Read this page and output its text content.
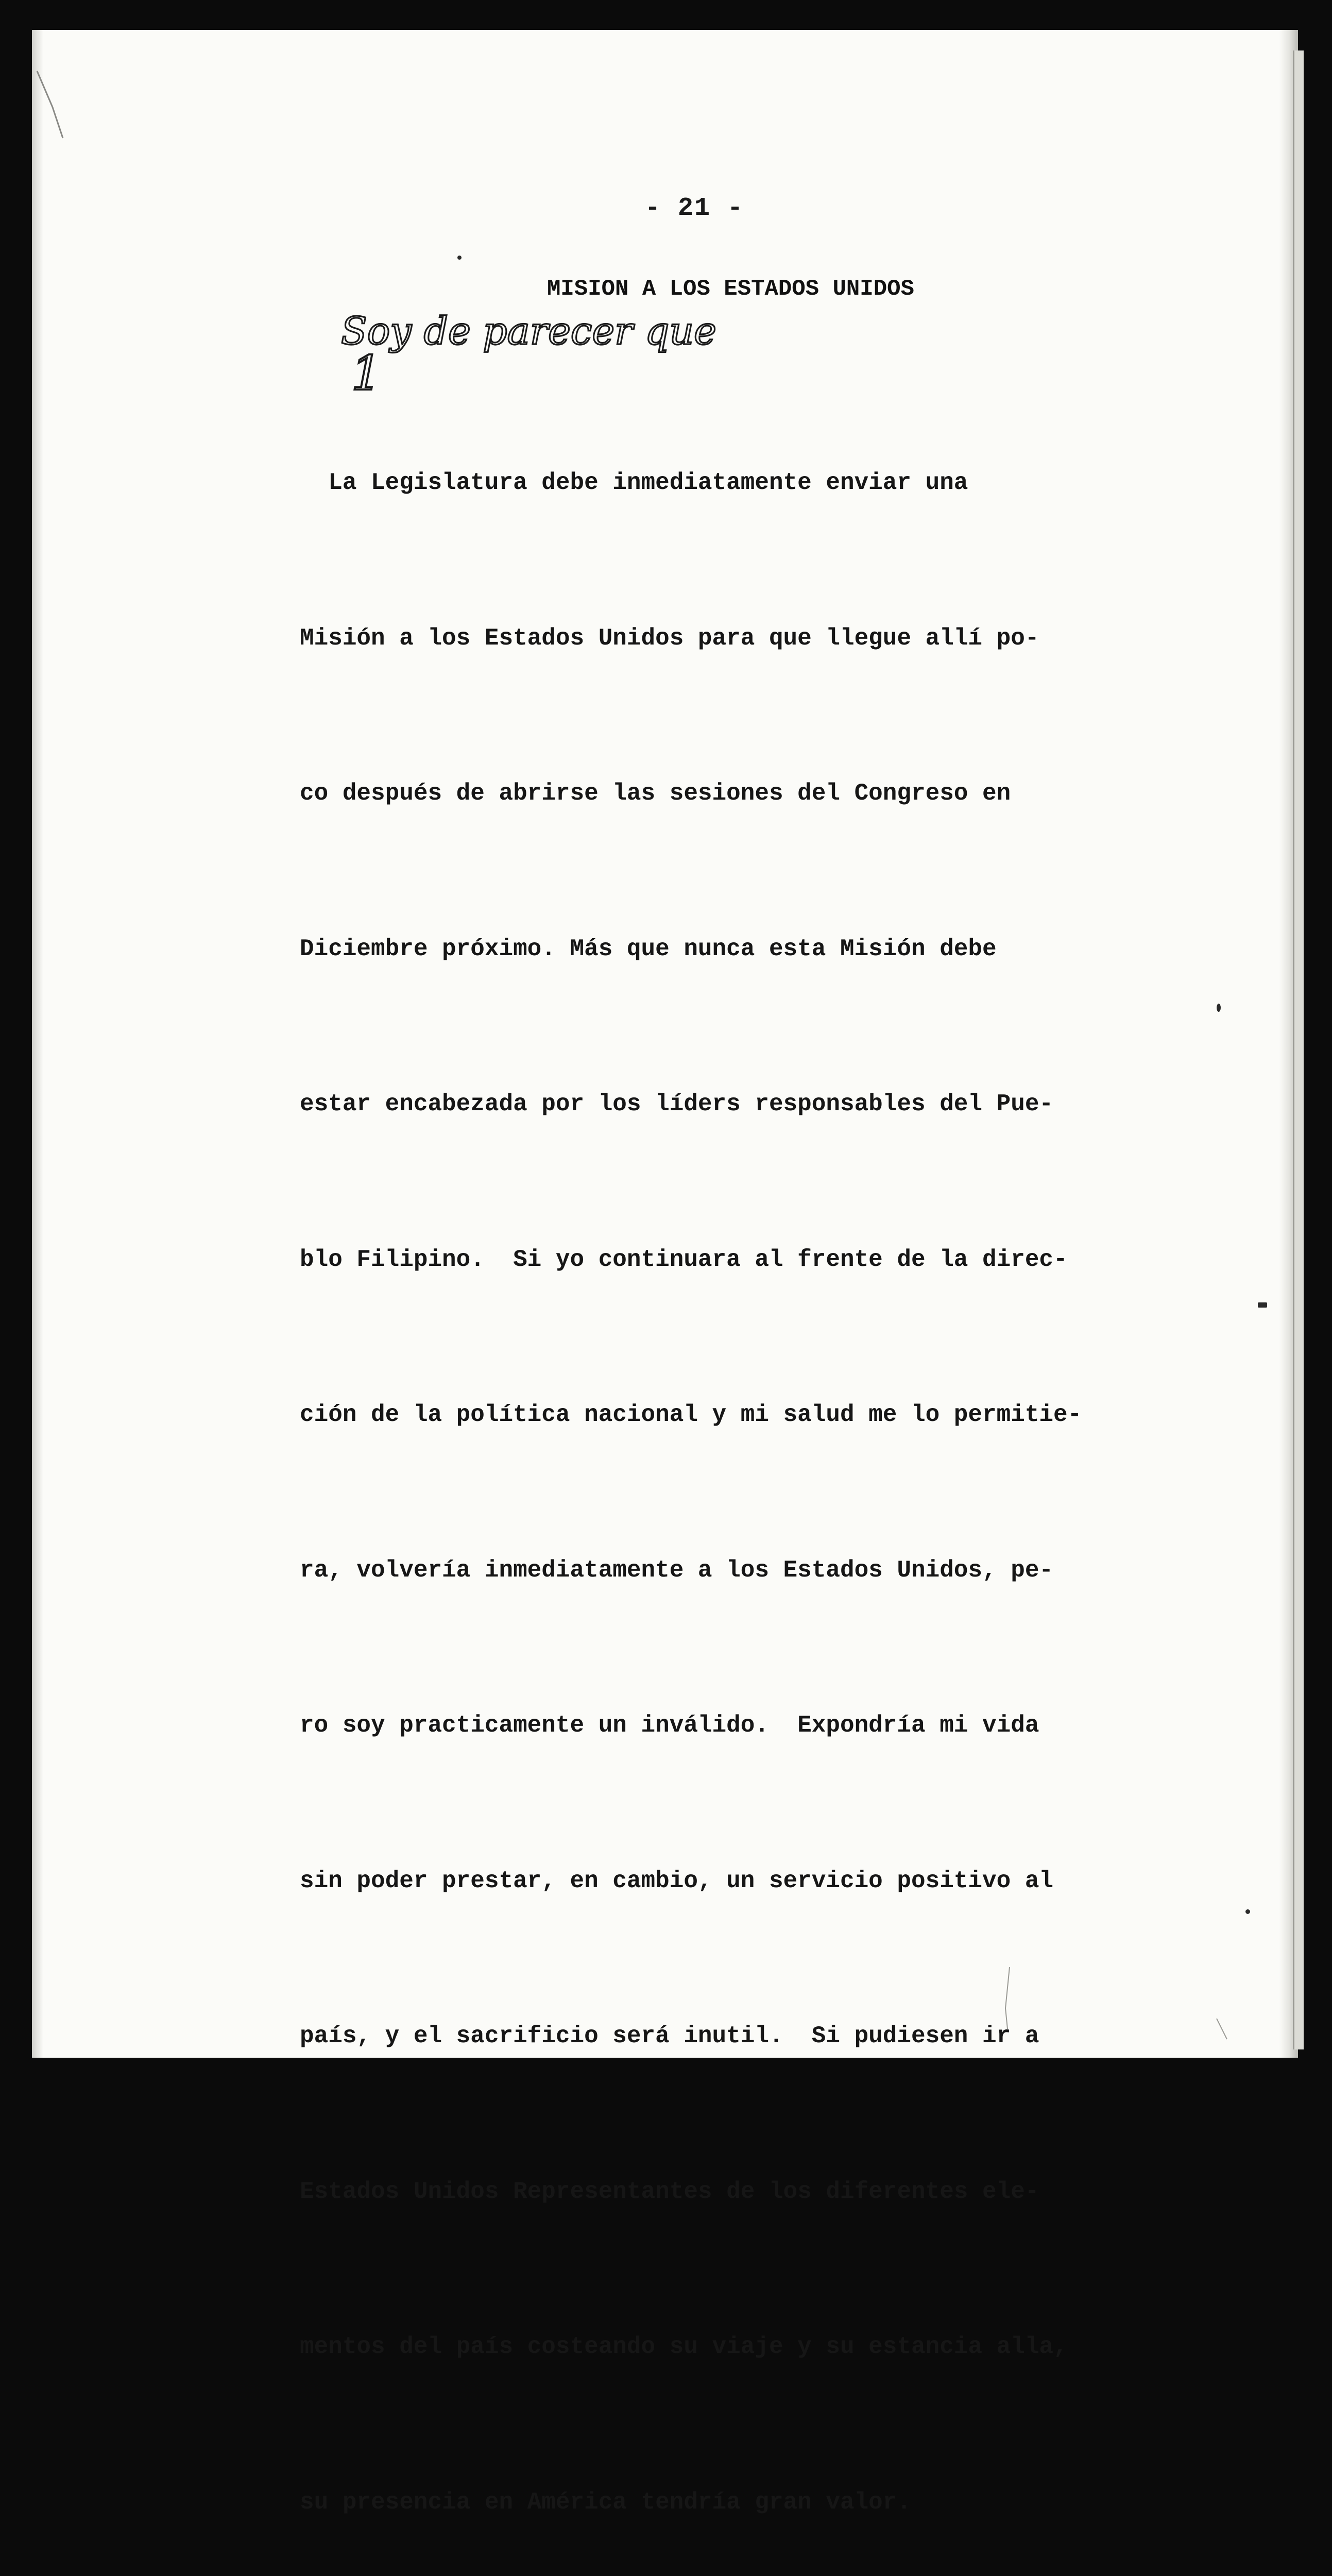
- 21 -
MISION A LOS ESTADOS UNIDOS
Soy de parecer que
1

La Legislatura debe inmediatamente enviar una

Misión a los Estados Unidos para que llegue allí po-

co después de abrirse las sesiones del Congreso en

Diciembre próximo. Más que nunca esta Misión debe

estar encabezada por los líders responsables del Pue-

blo Filipino.  Si yo continuara al frente de la direc-

ción de la política nacional y mi salud me lo permitie-

ra, volvería inmediatamente a los Estados Unidos, pe-

ro soy practicamente un inválido.  Expondría mi vida

sin poder prestar, en cambio, un servicio positivo al

país, y el sacrificio será inutil.  Si pudiesen ir a

Estados Unidos Representantes de los diferentes ele-

mentos del país costeando su viaje y su estancia alla,

su presencia en América tendría gran valor.
